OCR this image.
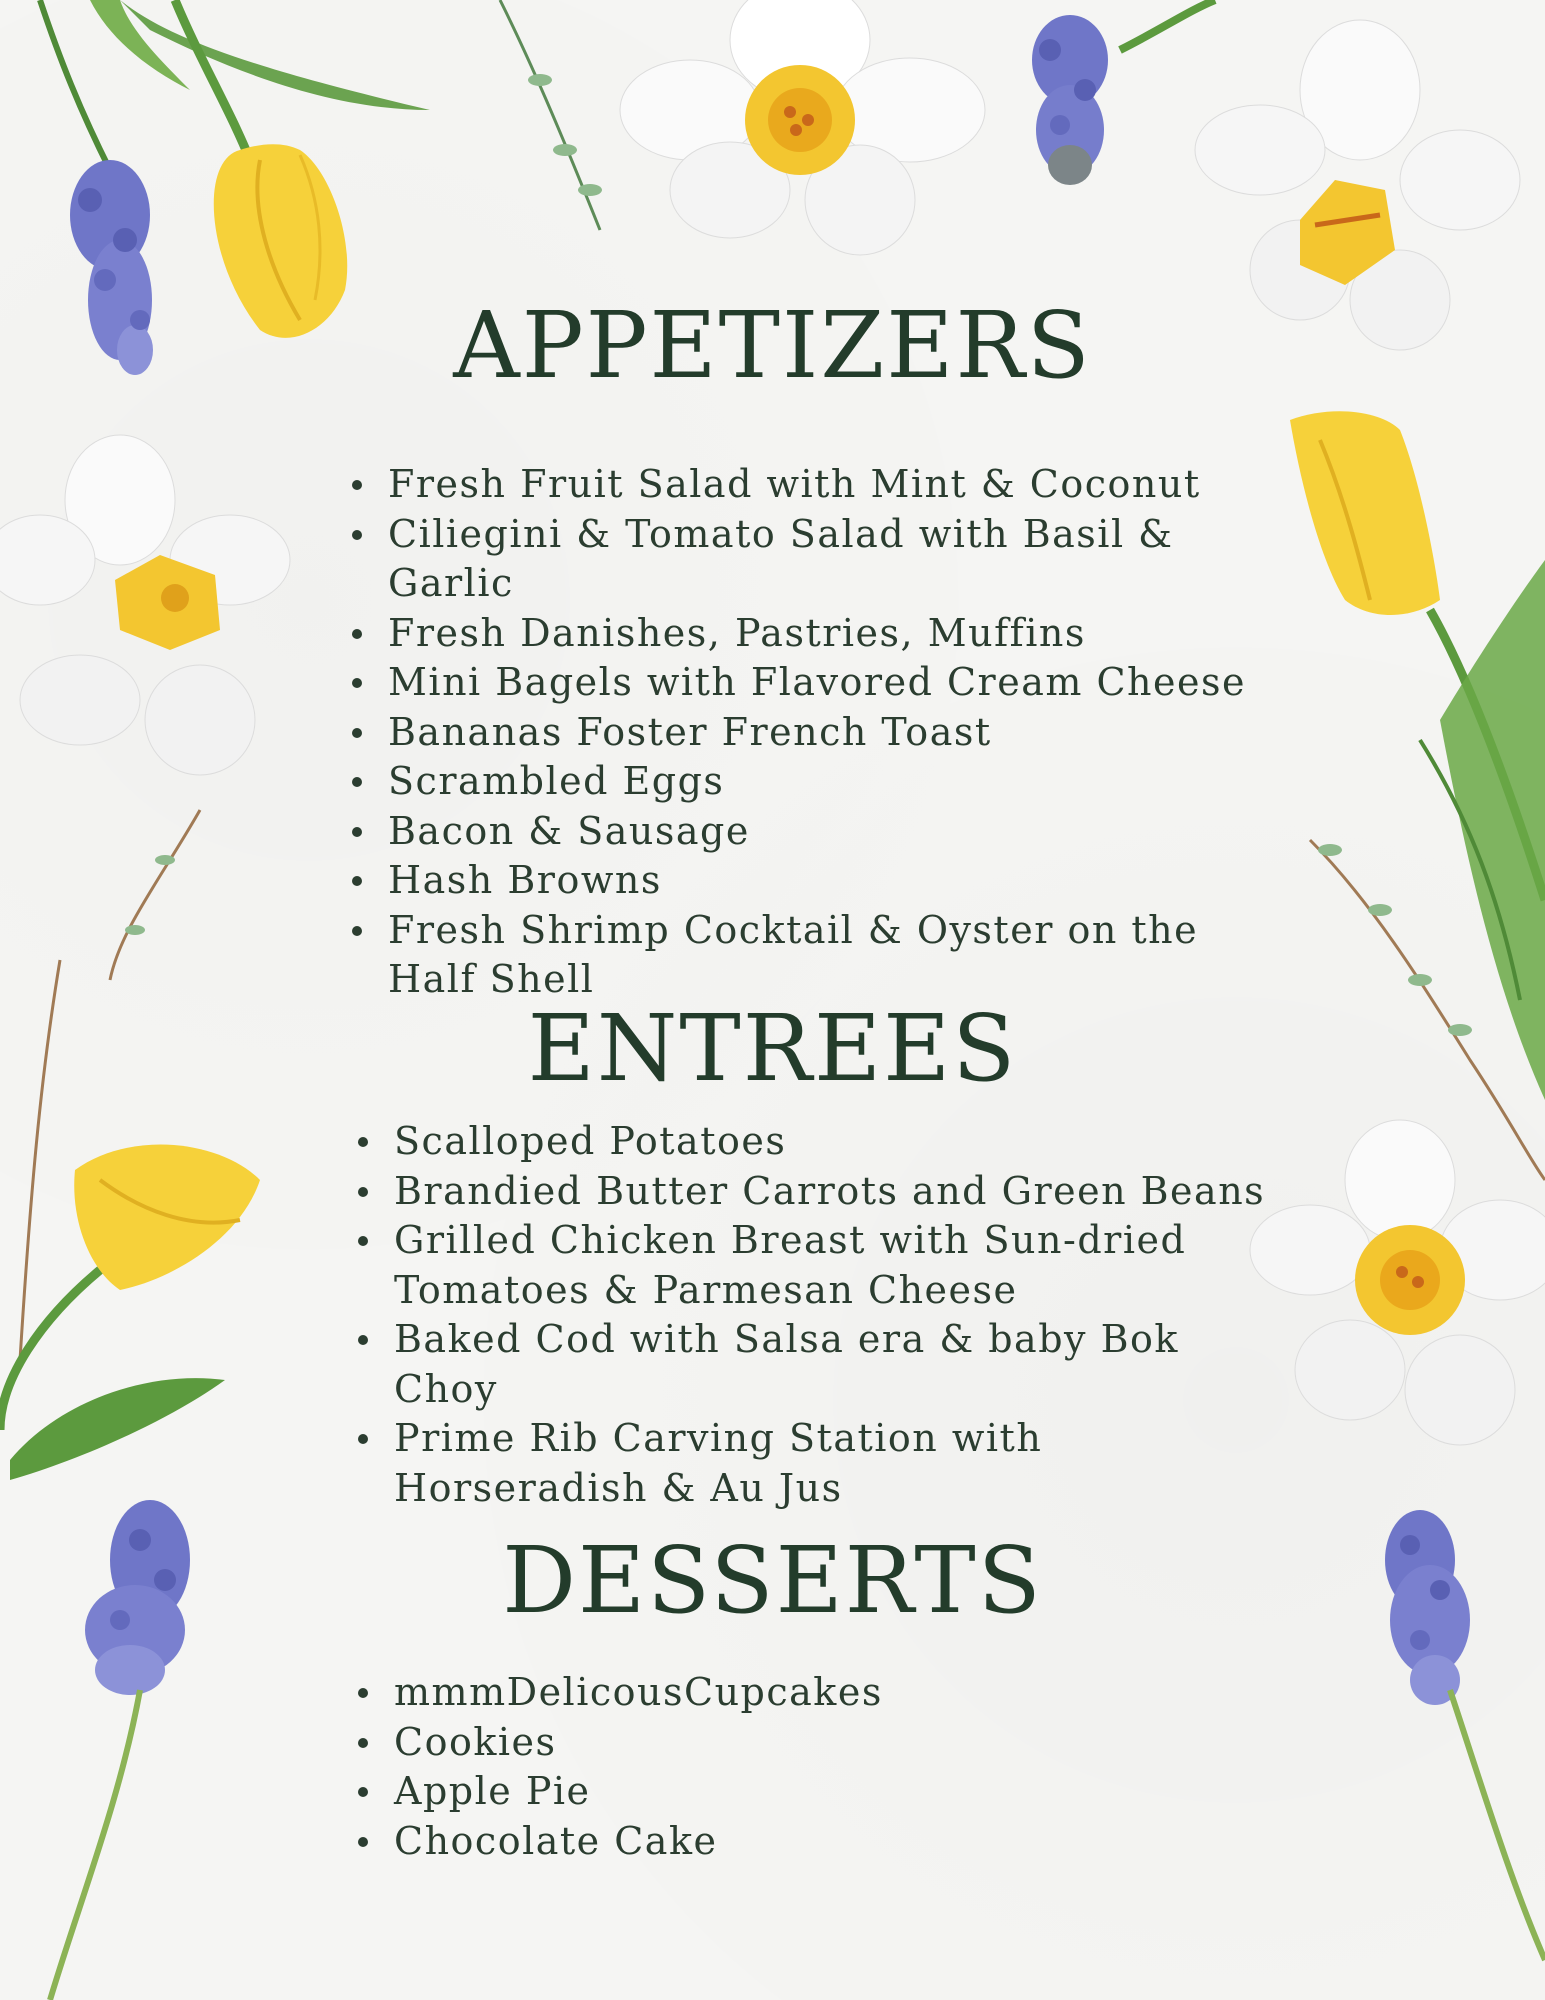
APPETIZERS
Fresh Fruit Salad with Mint & Coconut
Ciliegini & Tomato Salad with Basil & Garlic
Fresh Danishes, Pastries, Muffins
Mini Bagels with Flavored Cream Cheese
Bananas Foster French Toast
Scrambled Eggs
Bacon & Sausage
Hash Browns
Fresh Shrimp Cocktail & Oyster on the Half Shell
ENTREES
Scalloped Potatoes
Brandied Butter Carrots and Green Beans
Grilled Chicken Breast with Sun-dried Tomatoes & Parmesan Cheese
Baked Cod with Salsa era & baby Bok Choy
Prime Rib Carving Station with Horseradish & Au Jus
DESSERTS
mmmDelicousCupcakes
Cookies
Apple Pie
Chocolate Cake
